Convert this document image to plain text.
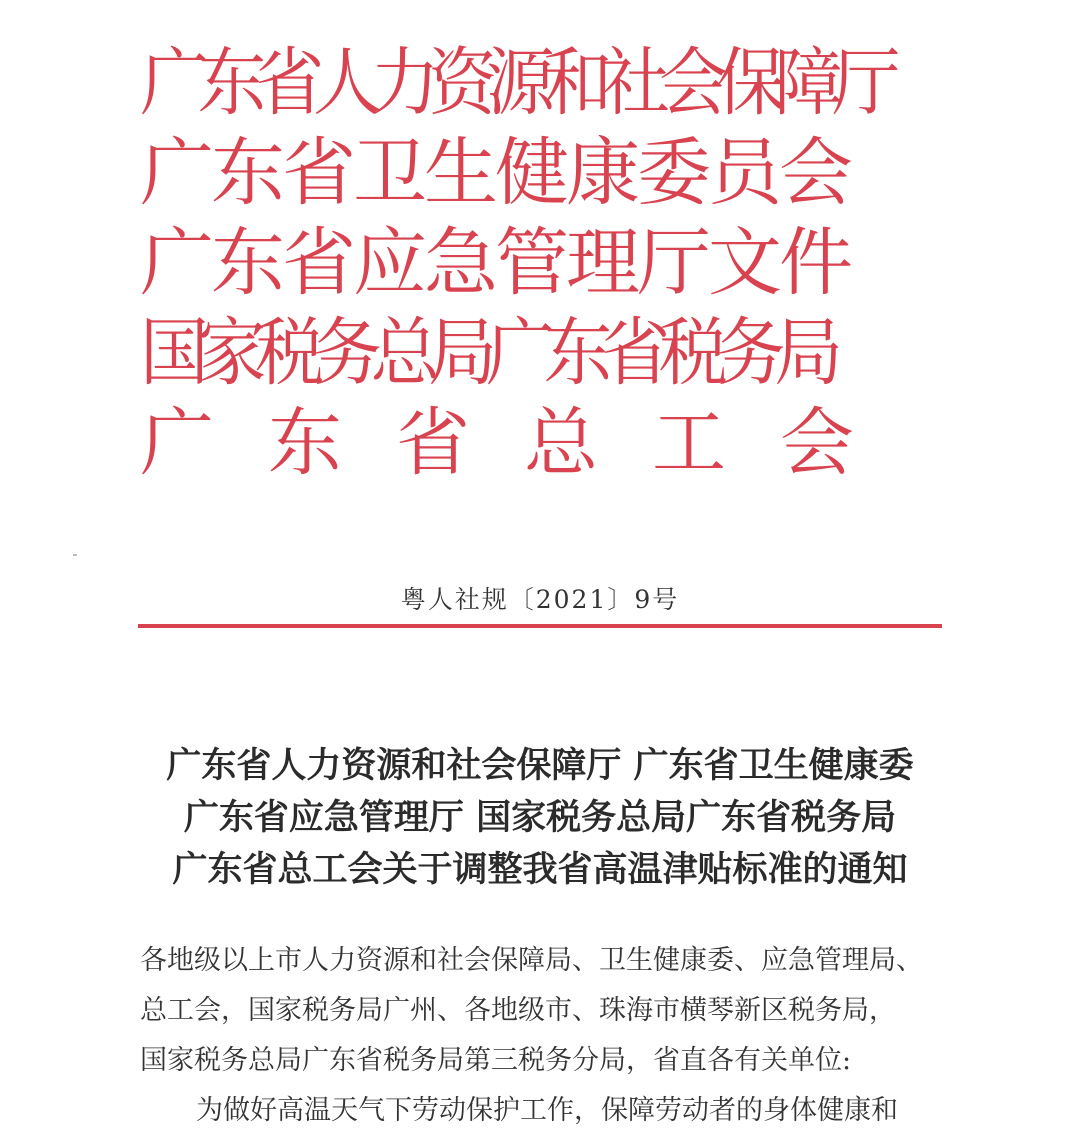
广东省人力资源和社会保障厅
广东省卫生健康委员会
广东省应急管理厅文件
国家税务总局广东省税务局
广东省总工会
粤人社规〔2021〕9号
广东省人力资源和社会保障厅 广东省卫生健康委
广东省应急管理厅 国家税务总局广东省税务局
广东省总工会关于调整我省高温津贴标准的通知
各地级以上市人力资源和社会保障局、卫生健康委、应急管理局、
总工会，国家税务局广州、各地级市、珠海市横琴新区税务局，
国家税务总局广东省税务局第三税务分局，省直各有关单位:
为做好高温天气下劳动保护工作，保障劳动者的身体健康和
